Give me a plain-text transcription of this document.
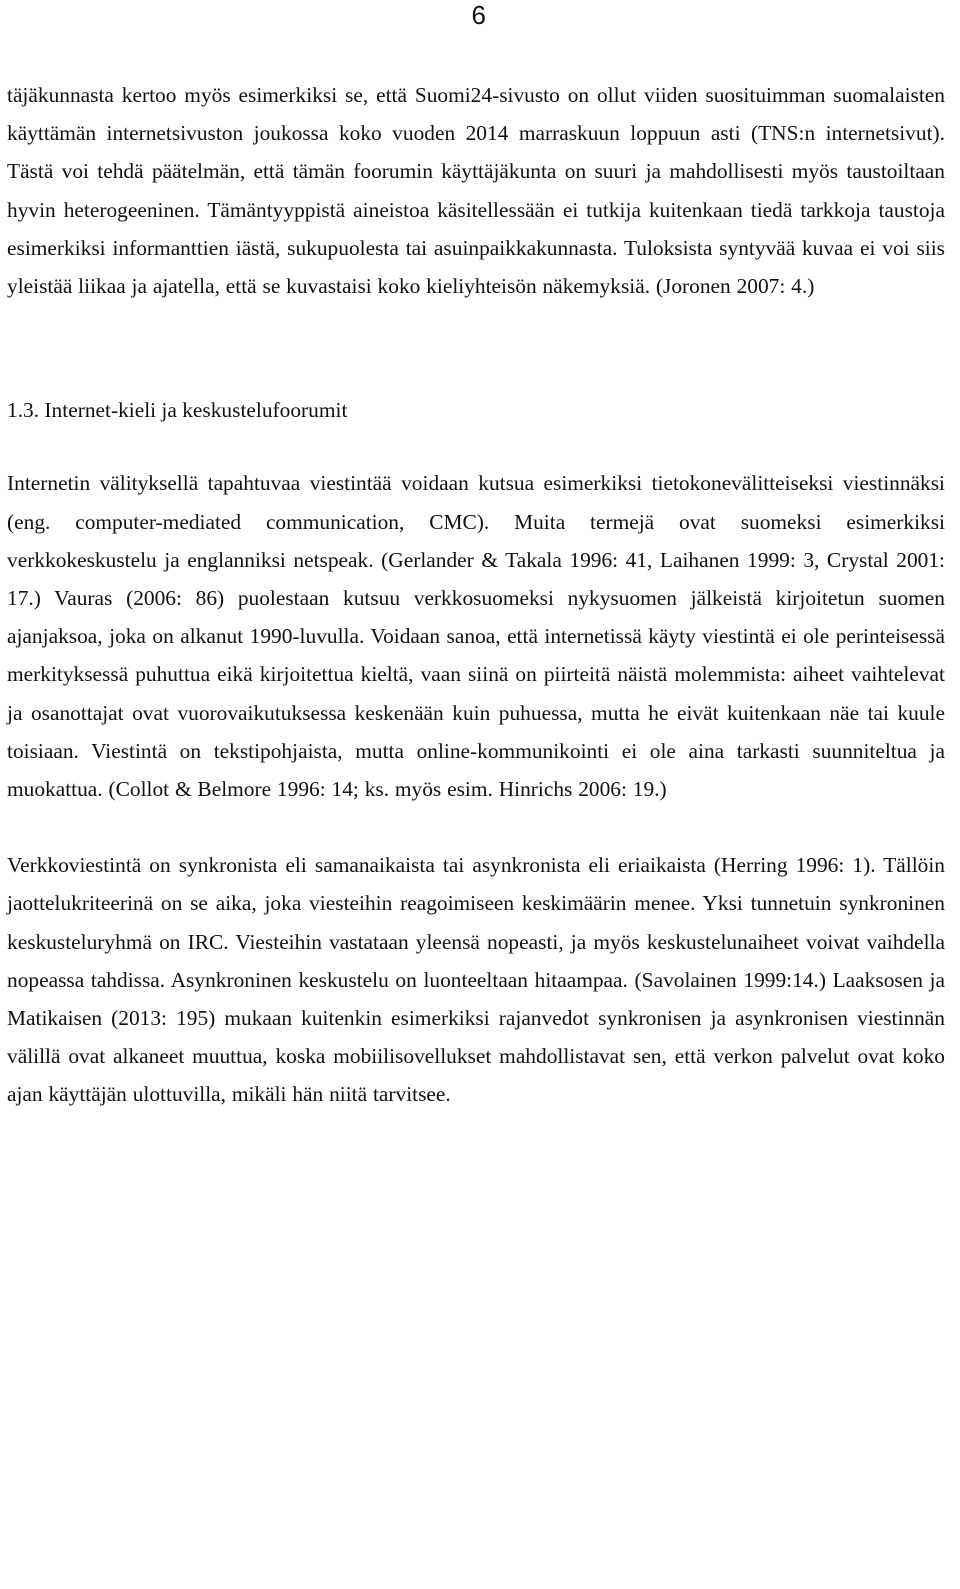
6

täjäkunnasta kertoo myös esimerkiksi se, että Suomi24-sivusto on ollut viiden suosituimman suomalaisten käyttämän internetsivuston joukossa koko vuoden 2014 marraskuun loppuun asti (TNS:n internetsivut). Tästä voi tehdä päätelmän, että tämän foorumin käyttäjäkunta on suuri ja mahdollisesti myös taustoiltaan hyvin heterogeeninen. Tämäntyyppistä aineistoa käsitellessään ei tutkija kuitenkaan tiedä tarkkoja taustoja esimerkiksi informanttien iästä, sukupuolesta tai asuinpaikkakunnasta. Tuloksista syntyvää kuvaa ei voi siis yleistää liikaa ja ajatella, että se kuvastaisi koko kieliyhteisön näkemyksiä. (Joronen 2007: 4.)

1.3. Internet-kieli ja keskustelufoorumit

Internetin välityksellä tapahtuvaa viestintää voidaan kutsua esimerkiksi tietokonevälitteiseksi viestinnäksi (eng. computer-mediated communication, CMC). Muita termejä ovat suomeksi esimerkiksi verkkokeskustelu ja englanniksi netspeak. (Gerlander & Takala 1996: 41, Laihanen 1999: 3, Crystal 2001: 17.) Vauras (2006: 86) puolestaan kutsuu verkkosuomeksi nykysuomen jälkeistä kirjoitetun suomen ajanjaksoa, joka on alkanut 1990-luvulla. Voidaan sanoa, että internetissä käyty viestintä ei ole perinteisessä merkityksessä puhuttua eikä kirjoitettua kieltä, vaan siinä on piirteitä näistä molemmista: aiheet vaihtelevat ja osanottajat ovat vuorovaikutuksessa keskenään kuin puhuessa, mutta he eivät kuitenkaan näe tai kuule toisiaan. Viestintä on tekstipohjaista, mutta online-kommunikointi ei ole aina tarkasti suunniteltua ja muokattua. (Collot & Belmore 1996: 14; ks. myös esim. Hinrichs 2006: 19.)

Verkkoviestintä on synkronista eli samanaikaista tai asynkronista eli eriaikaista (Herring 1996: 1). Tällöin jaottelukriteerinä on se aika, joka viesteihin reagoimiseen keskimäärin menee. Yksi tunnetuin synkroninen keskusteluryhmä on IRC. Viesteihin vastataan yleensä nopeasti, ja myös keskustelunaiheet voivat vaihdella nopeassa tahdissa. Asynkroninen keskustelu on luonteeltaan hitaampaa. (Savolainen 1999:14.) Laaksosen ja Matikaisen (2013: 195) mukaan kuitenkin esimerkiksi rajanvedot synkronisen ja asynkronisen viestinnän välillä ovat alkaneet muuttua, koska mobiilisovellukset mahdollistavat sen, että verkon palvelut ovat koko ajan käyttäjän ulottuvilla, mikäli hän niitä tarvitsee.
